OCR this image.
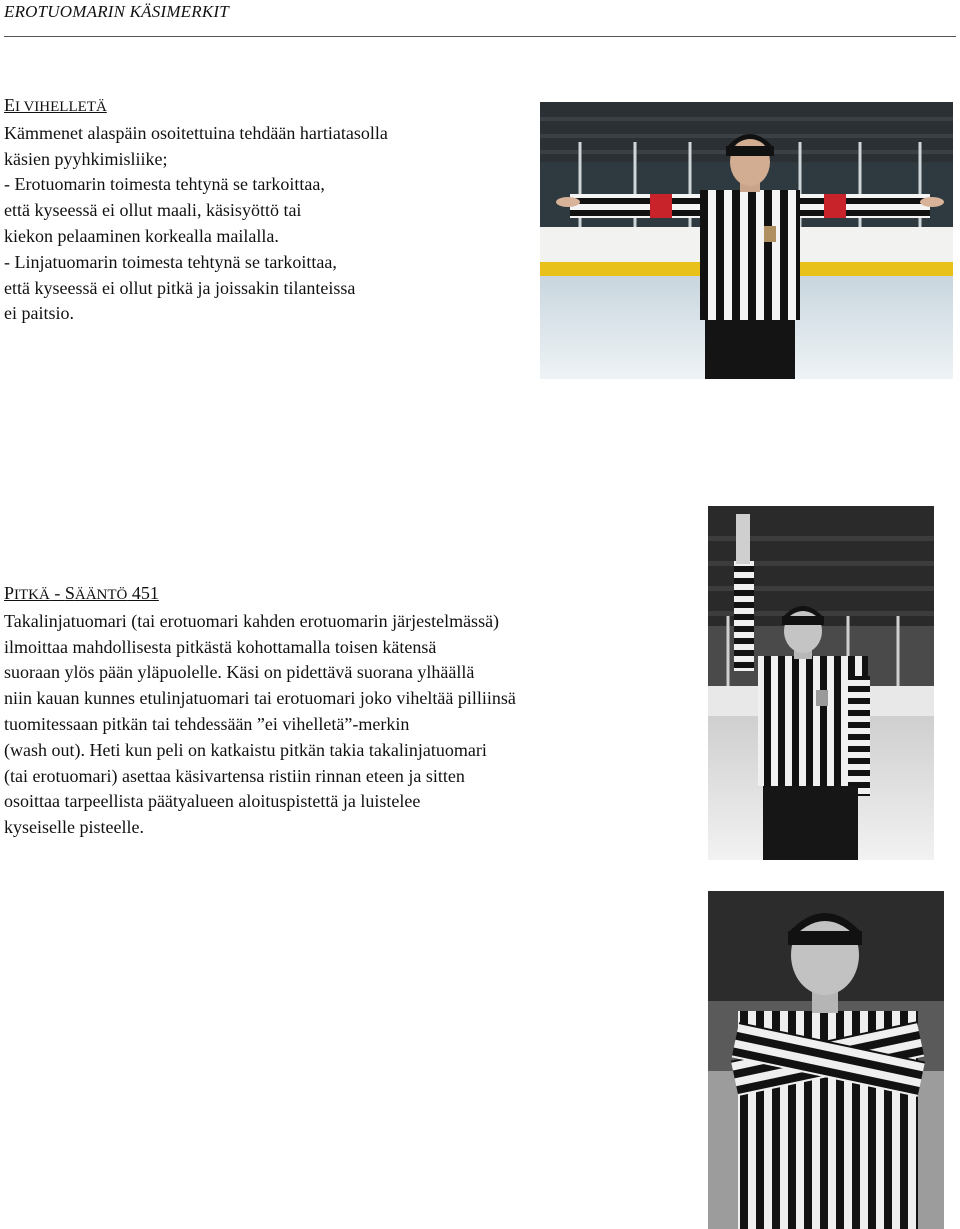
EROTUOMARIN KÄSIMERKIT

EI VIHELLETÄ

Kämmenet alaspäin osoitettuina tehdään hartiatasolla
käsien pyyhkimisliike;
- Erotuomarin toimesta tehtynä se tarkoittaa,
että kyseessä ei ollut maali, käsisyöttö tai
kiekon pelaaminen korkealla mailalla.
- Linjatuomarin toimesta tehtynä se tarkoittaa,
että kyseessä ei ollut pitkä ja joissakin tilanteissa
ei paitsio.

PITKÄ - SÄÄNTÖ 451

Takalinjatuomari (tai erotuomari kahden erotuomarin järjestelmässä)
ilmoittaa mahdollisesta pitkästä kohottamalla toisen kätensä
suoraan ylös pään yläpuolelle. Käsi on pidettävä suorana ylhäällä
niin kauan kunnes etulinjatuomari tai erotuomari joko viheltää pilliinsä
tuomitessaan pitkän tai tehdessään ”ei vihelletä”-merkin
(wash out). Heti kun peli on katkaistu pitkän takia takalinjatuomari
(tai erotuomari) asettaa käsivartensa ristiin rinnan eteen ja sitten
osoittaa tarpeellista päätyalueen aloituspistettä ja luistelee
kyseiselle pisteelle.
